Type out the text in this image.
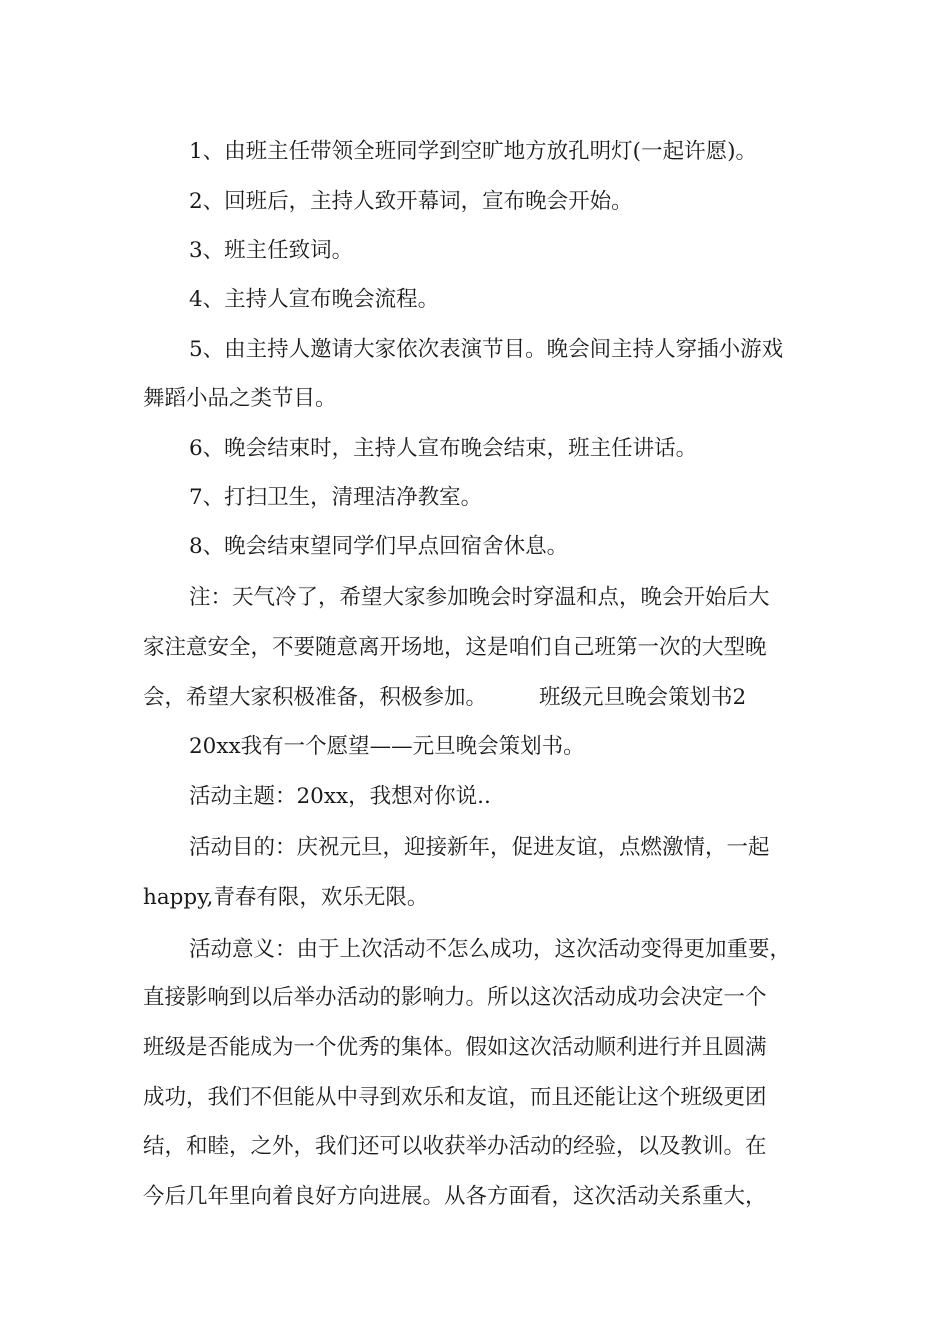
1、由班主任带领全班同学到空旷地方放孔明灯(一起许愿)。
2、回班后，主持人致开幕词，宣布晚会开始。
3、班主任致词。
4、主持人宣布晚会流程。
5、由主持人邀请大家依次表演节目。晚会间主持人穿插小游戏
舞蹈小品之类节目。
6、晚会结束时，主持人宣布晚会结束，班主任讲话。
7、打扫卫生，清理洁净教室。
8、晚会结束望同学们早点回宿舍休息。
注：天气冷了，希望大家参加晚会时穿温和点，晚会开始后大
家注意安全，不要随意离开场地，这是咱们自己班第一次的大型晚
会，希望大家积极准备，积极参加。 班级元旦晚会策划书2
20xx我有一个愿望——元旦晚会策划书。
活动主题：20xx，我想对你说..
活动目的：庆祝元旦，迎接新年，促进友谊，点燃激情，一起
happy,青春有限，欢乐无限。
活动意义：由于上次活动不怎么成功，这次活动变得更加重要，
直接影响到以后举办活动的影响力。所以这次活动成功会决定一个
班级是否能成为一个优秀的集体。假如这次活动顺利进行并且圆满
成功，我们不但能从中寻到欢乐和友谊，而且还能让这个班级更团
结，和睦，之外，我们还可以收获举办活动的经验，以及教训。在
今后几年里向着良好方向进展。从各方面看，这次活动关系重大，
